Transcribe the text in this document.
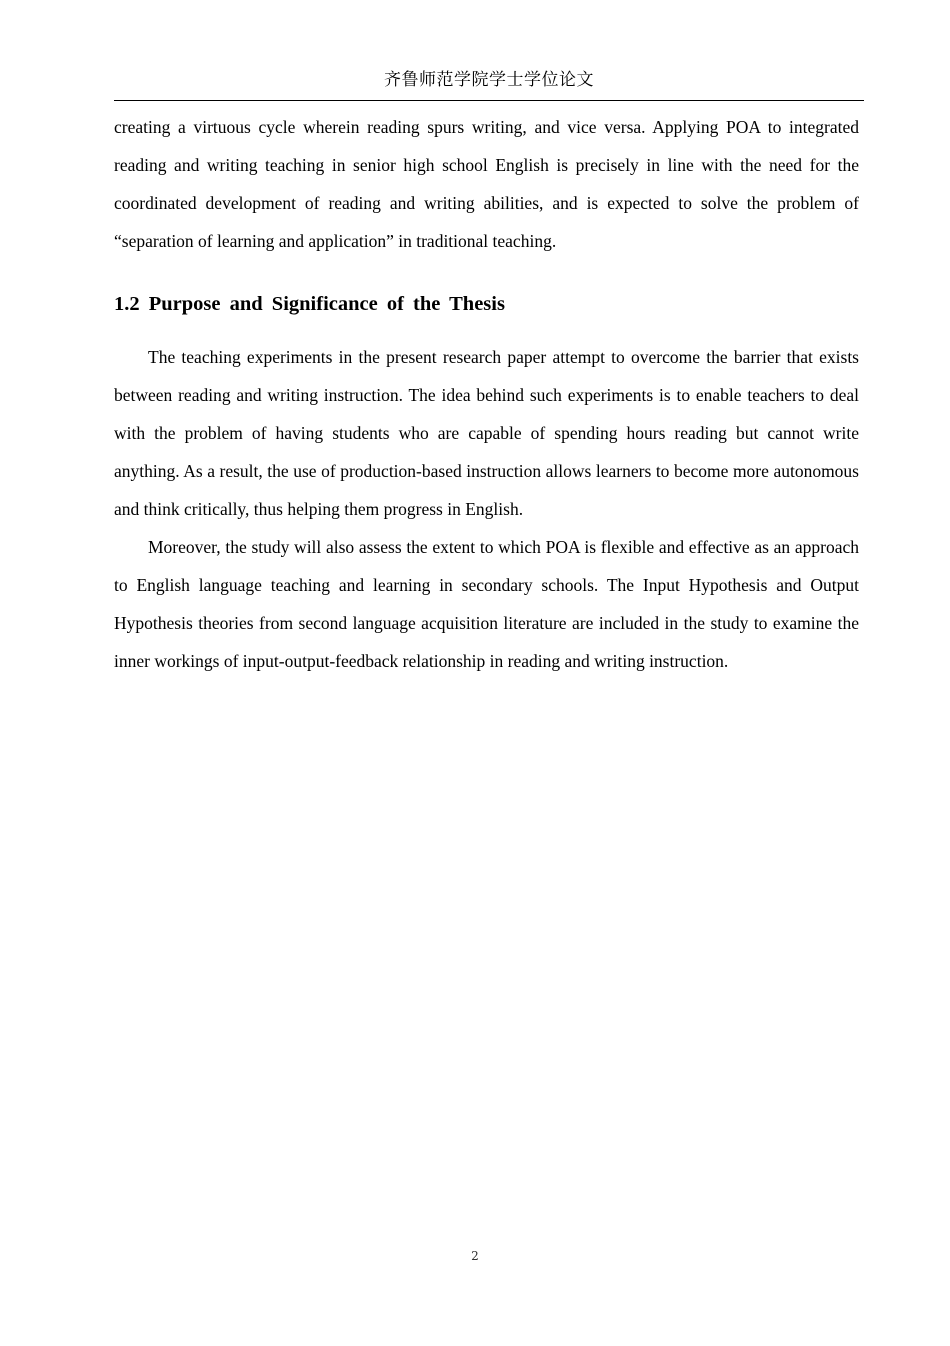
齐鲁师范学院学士学位论文

creating a virtuous cycle wherein reading spurs writing, and vice versa. Applying POA to integrated reading and writing teaching in senior high school English is precisely in line with the need for the coordinated development of reading and writing abilities, and is expected to solve the problem of “separation of learning and application” in traditional teaching.

1.2 Purpose and Significance of the Thesis

The teaching experiments in the present research paper attempt to overcome the barrier that exists between reading and writing instruction. The idea behind such experiments is to enable teachers to deal with the problem of having students who are capable of spending hours reading but cannot write anything. As a result, the use of production-based instruction allows learners to become more autonomous and think critically, thus helping them progress in English.

Moreover, the study will also assess the extent to which POA is flexible and effective as an approach to English language teaching and learning in secondary schools. The Input Hypothesis and Output Hypothesis theories from second language acquisition literature are included in the study to examine the inner workings of input-output-feedback relationship in reading and writing instruction.

2
